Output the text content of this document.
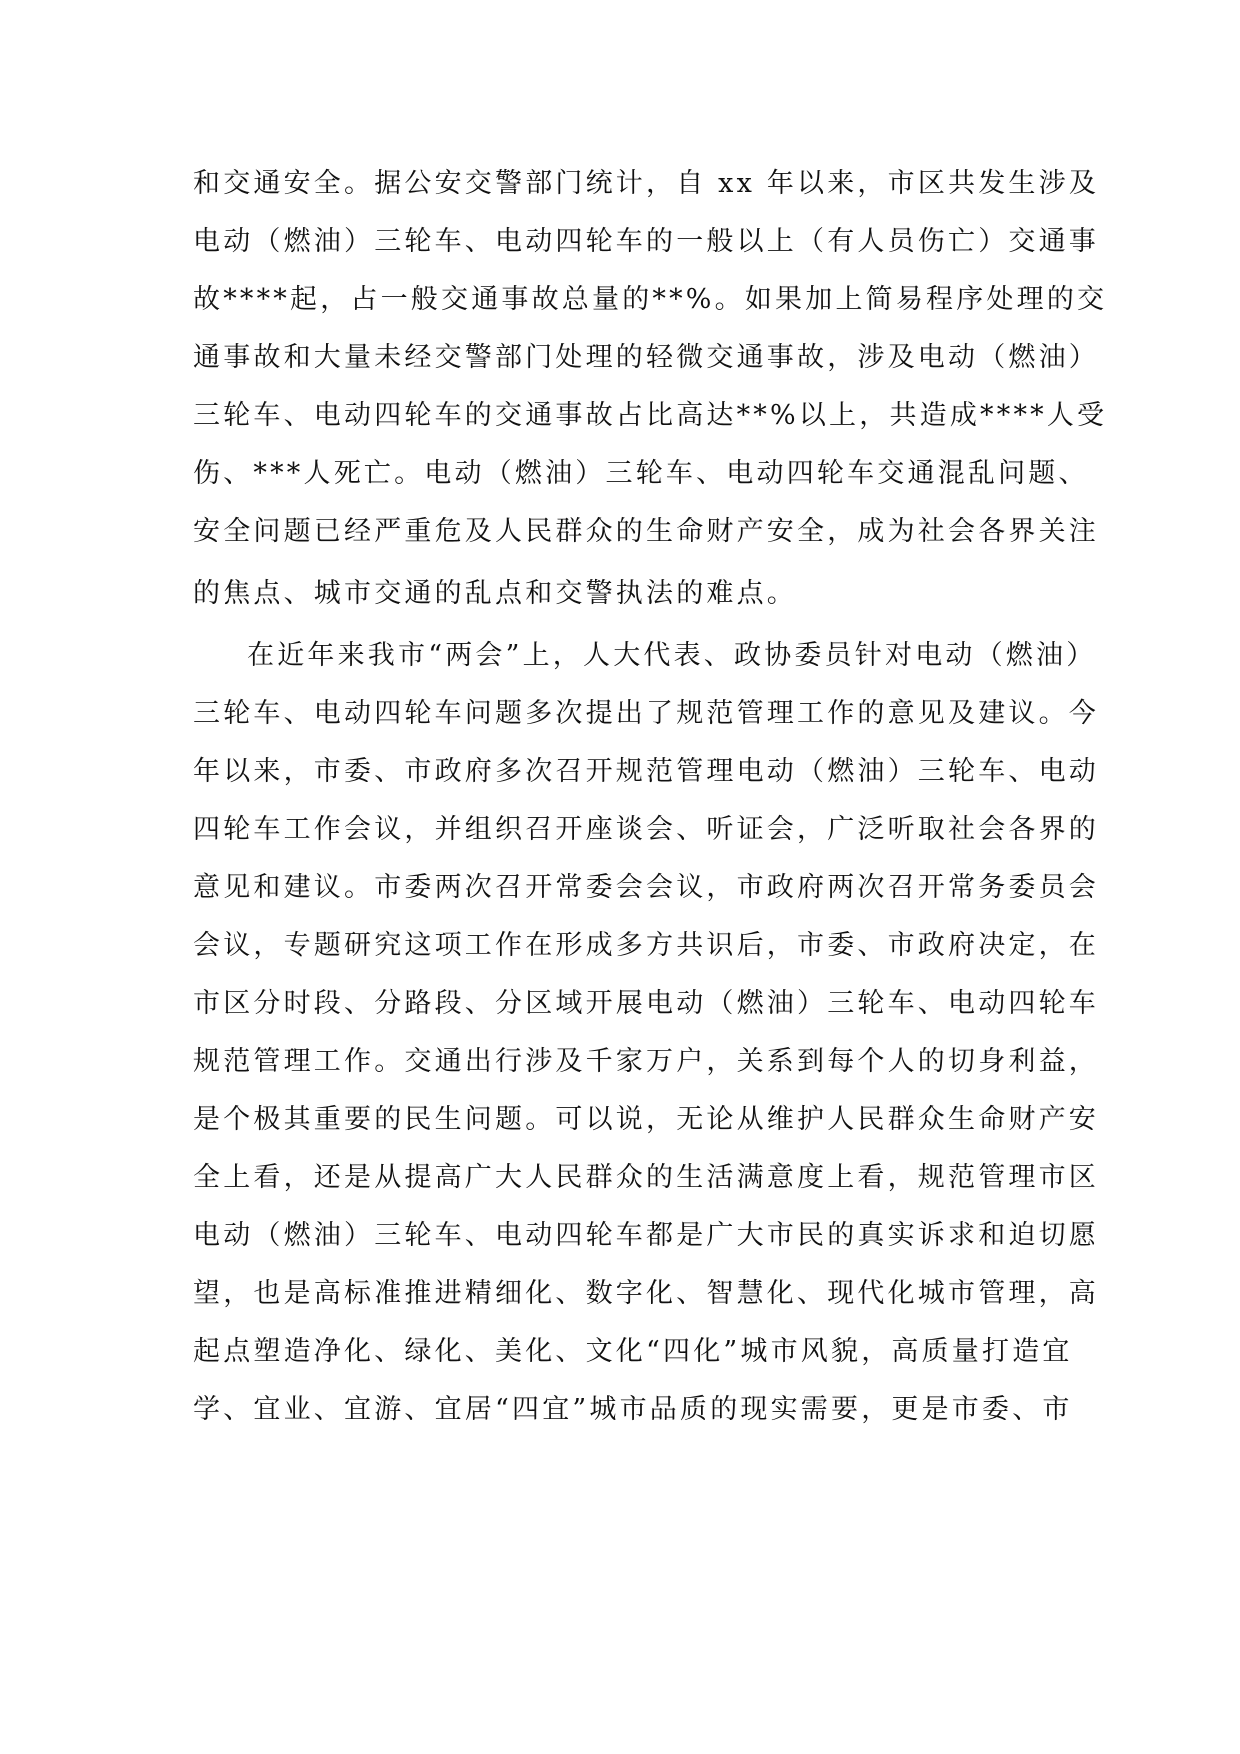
和交通安全。据公安交警部门统计，自 xx 年以来，市区共发生涉及
电动（燃油）三轮车、电动四轮车的一般以上（有人员伤亡）交通事
故****起，占一般交通事故总量的**%。如果加上简易程序处理的交
通事故和大量未经交警部门处理的轻微交通事故，涉及电动（燃油）
三轮车、电动四轮车的交通事故占比高达**%以上，共造成****人受
伤、***人死亡。电动（燃油）三轮车、电动四轮车交通混乱问题、
安全问题已经严重危及人民群众的生命财产安全，成为社会各界关注
的焦点、城市交通的乱点和交警执法的难点。
在近年来我市“两会”上，人大代表、政协委员针对电动（燃油）
三轮车、电动四轮车问题多次提出了规范管理工作的意见及建议。今
年以来，市委、市政府多次召开规范管理电动（燃油）三轮车、电动
四轮车工作会议，并组织召开座谈会、听证会，广泛听取社会各界的
意见和建议。市委两次召开常委会会议，市政府两次召开常务委员会
会议，专题研究这项工作在形成多方共识后，市委、市政府决定，在
市区分时段、分路段、分区域开展电动（燃油）三轮车、电动四轮车
规范管理工作。交通出行涉及千家万户，关系到每个人的切身利益，
是个极其重要的民生问题。可以说，无论从维护人民群众生命财产安
全上看，还是从提高广大人民群众的生活满意度上看，规范管理市区
电动（燃油）三轮车、电动四轮车都是广大市民的真实诉求和迫切愿
望，也是高标准推进精细化、数字化、智慧化、现代化城市管理，高
起点塑造净化、绿化、美化、文化“四化”城市风貌，高质量打造宜
学、宜业、宜游、宜居“四宜”城市品质的现实需要，更是市委、市
